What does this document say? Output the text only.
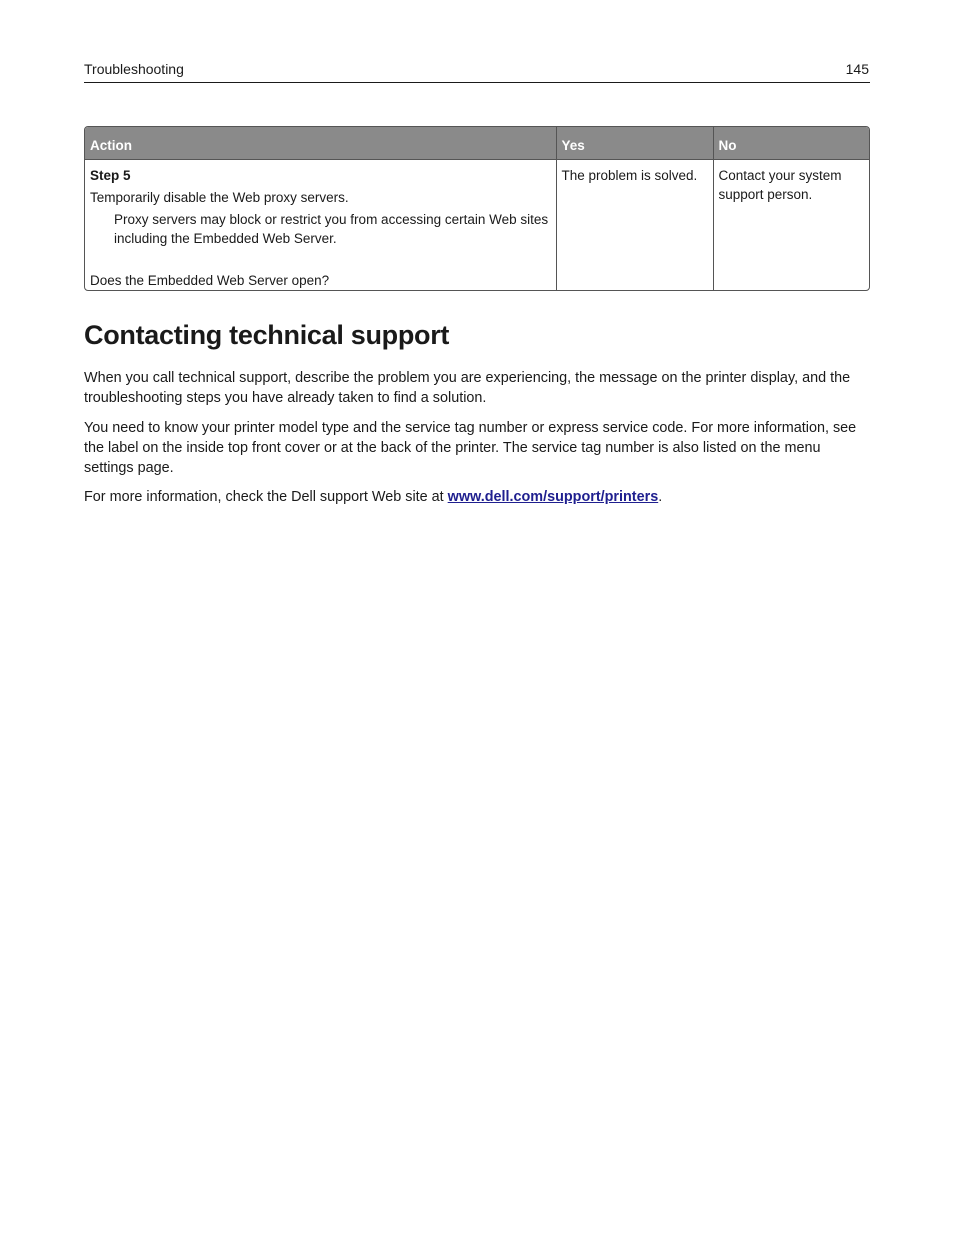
Troubleshooting	145
Action	Yes	No

Step 5
Temporarily disable the Web proxy servers.
Proxy servers may block or restrict you from accessing certain Web sites including the Embedded Web Server.
Does the Embedded Web Server open?	The problem is solved.	Contact your system support person.
Contacting technical support

When you call technical support, describe the problem you are experiencing, the message on the printer display, and the troubleshooting steps you have already taken to find a solution.

You need to know your printer model type and the service tag number or express service code. For more information, see the label on the inside top front cover or at the back of the printer. The service tag number is also listed on the menu settings page.

For more information, check the Dell support Web site at www.dell.com/support/printers.
